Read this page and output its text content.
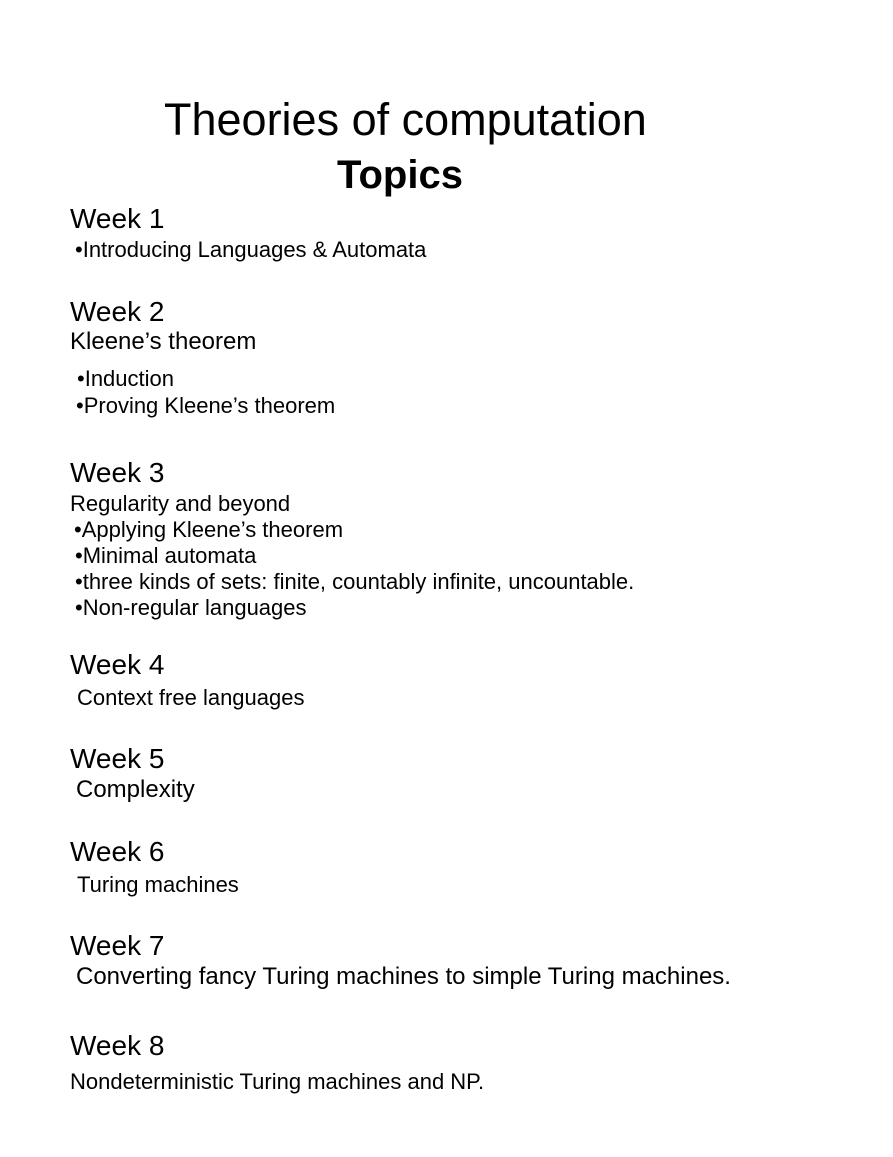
Theories of computation
Topics
Week 1
•Introducing Languages & Automata
Week 2
Kleene’s theorem
•Induction
•Proving Kleene’s theorem
Week 3
Regularity and beyond
•Applying Kleene’s theorem
•Minimal automata
•three kinds of sets: finite, countably infinite, uncountable.
•Non-regular languages
Week 4
Context free languages
Week 5
Complexity
Week 6
Turing machines
Week 7
Converting fancy Turing machines to simple Turing machines.
Week 8
Nondeterministic Turing machines and NP.
